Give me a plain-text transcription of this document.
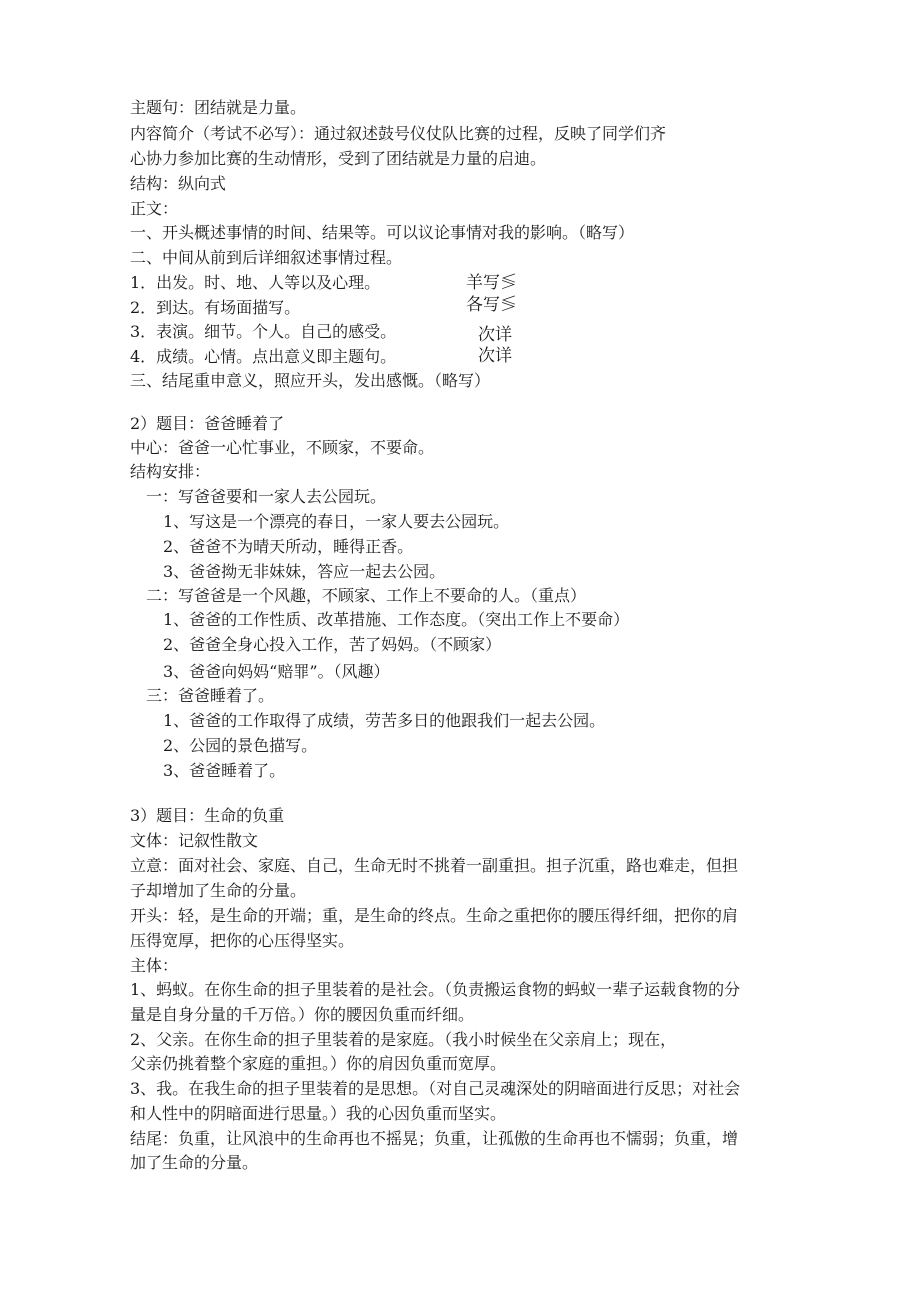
主题句：团结就是力量。
内容简介（考试不必写）：通过叙述鼓号仪仗队比赛的过程，反映了同学们齐
心协力参加比赛的生动情形，受到了团结就是力量的启迪。
结构：纵向式
正文：
一、开头概述事情的时间、结果等。可以议论事情对我的影响。（略写）
二、中间从前到后详细叙述事情过程。
1．出发。时、地、人等以及心理。
2．到达。有场面描写。
3．表演。细节。个人。自己的感受。
4．成绩。心情。点出意义即主题句。
羊写≶
各写≶
次详
次详
三、结尾重申意义，照应开头，发出感慨。（略写）
2）题目：爸爸睡着了
中心：爸爸一心忙事业，不顾家，不要命。
结构安排：
一：写爸爸要和一家人去公园玩。
1、写这是一个漂亮的春日，一家人要去公园玩。
2、爸爸不为晴天所动，睡得正香。
3、爸爸拗无非妹妹，答应一起去公园。
二：写爸爸是一个风趣，不顾家、工作上不要命的人。（重点）
1、爸爸的工作性质、改革措施、工作态度。（突出工作上不要命）
2、爸爸全身心投入工作，苦了妈妈。（不顾家）
3、爸爸向妈妈“赔罪”。（风趣）
三：爸爸睡着了。
1、爸爸的工作取得了成绩，劳苦多日的他跟我们一起去公园。
2、公园的景色描写。
3、爸爸睡着了。
3）题目：生命的负重
文体：记叙性散文
立意：面对社会、家庭、自己，生命无时不挑着一副重担。担子沉重，路也难走，但担
子却增加了生命的分量。
开头：轻，是生命的开端；重，是生命的终点。生命之重把你的腰压得纤细，把你的肩
压得宽厚，把你的心压得坚实。
主体：
1、蚂蚁。在你生命的担子里装着的是社会。（负责搬运食物的蚂蚁一辈子运载食物的分
量是自身分量的千万倍。）你的腰因负重而纤细。
2、父亲。在你生命的担子里装着的是家庭。（我小时候坐在父亲肩上；现在，
父亲仍挑着整个家庭的重担。）你的肩因负重而宽厚。
3、我。在我生命的担子里装着的是思想。（对自己灵魂深处的阴暗面进行反思；对社会
和人性中的阴暗面进行思量。）我的心因负重而坚实。
结尾：负重，让风浪中的生命再也不摇晃；负重，让孤傲的生命再也不懦弱；负重，增
加了生命的分量。
